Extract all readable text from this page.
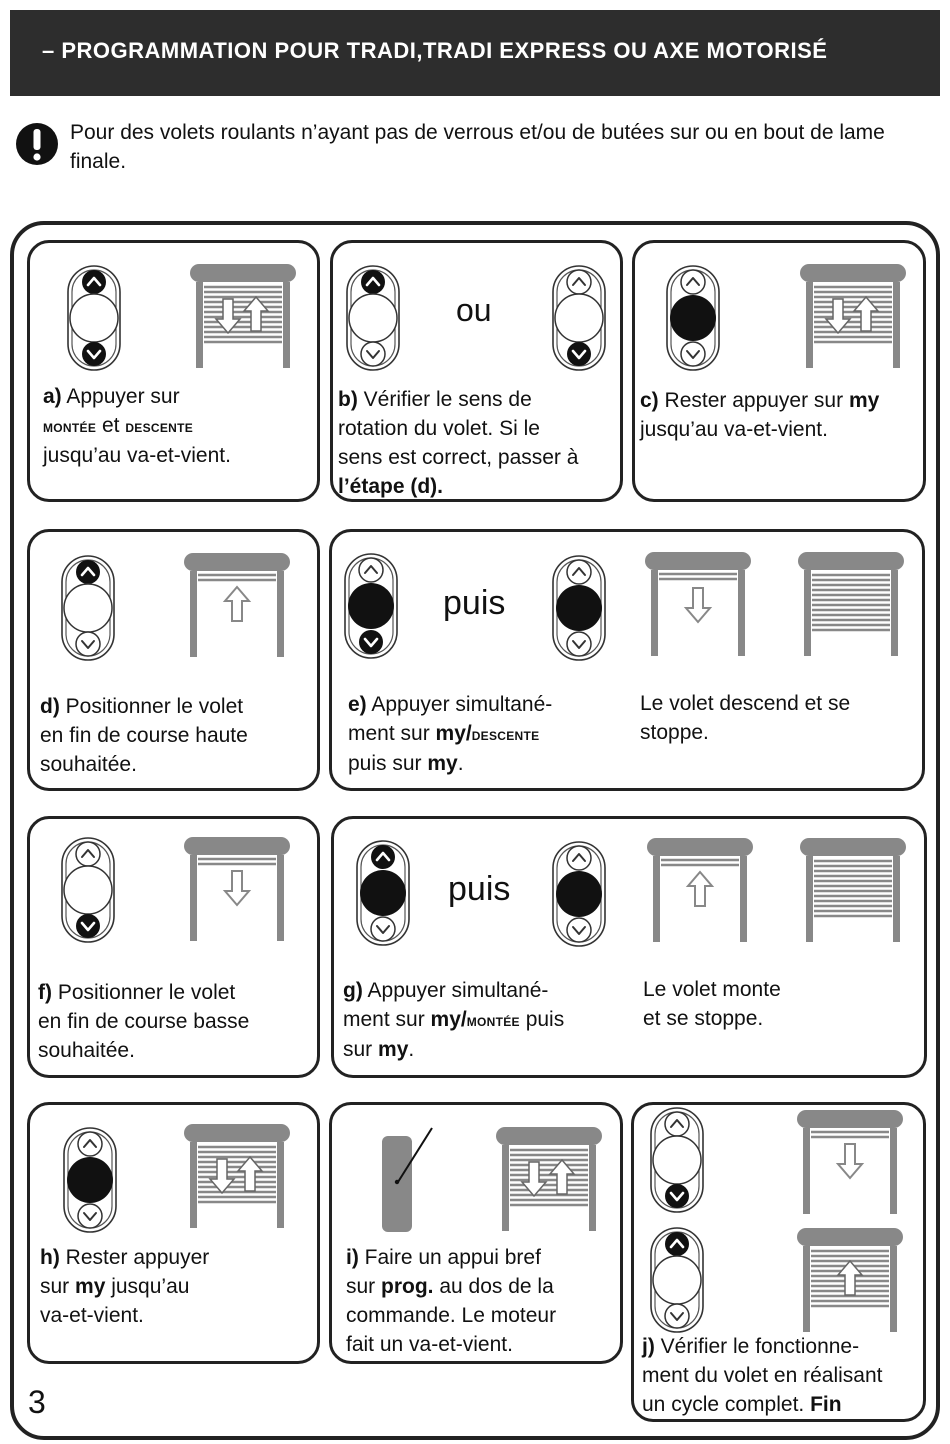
– PROGRAMMATION POUR TRADI,TRADI EXPRESS OU AXE MOTORISÉ
Pour des volets roulants n’ayant pas de verrous et/ou de butées sur ou en bout de lame finale.
a) Appuyer sur
montée et descente
jusqu’au va-et-vient.
ou
b) Vérifier le sens de
rotation du volet. Si le
sens est correct, passer à
l’étape (d).
c) Rester appuyer sur my
jusqu’au va-et-vient.
d) Positionner le volet
en fin de course haute
souhaitée.
puis
e) Appuyer simultané-
ment sur my/descente
puis sur my.
Le volet descend et se
stoppe.
f) Positionner le volet
en fin de course basse
souhaitée.
puis
g) Appuyer simultané-
ment sur my/montée puis
sur my.
Le volet monte
et se stoppe.
h) Rester appuyer
sur my jusqu’au
va-et-vient.
i) Faire un appui bref
sur prog. au dos de la
commande. Le moteur
fait un va-et-vient.	j) Vérifier le fonctionne-
ment du volet en réalisant
un cycle complet. Fin
3
